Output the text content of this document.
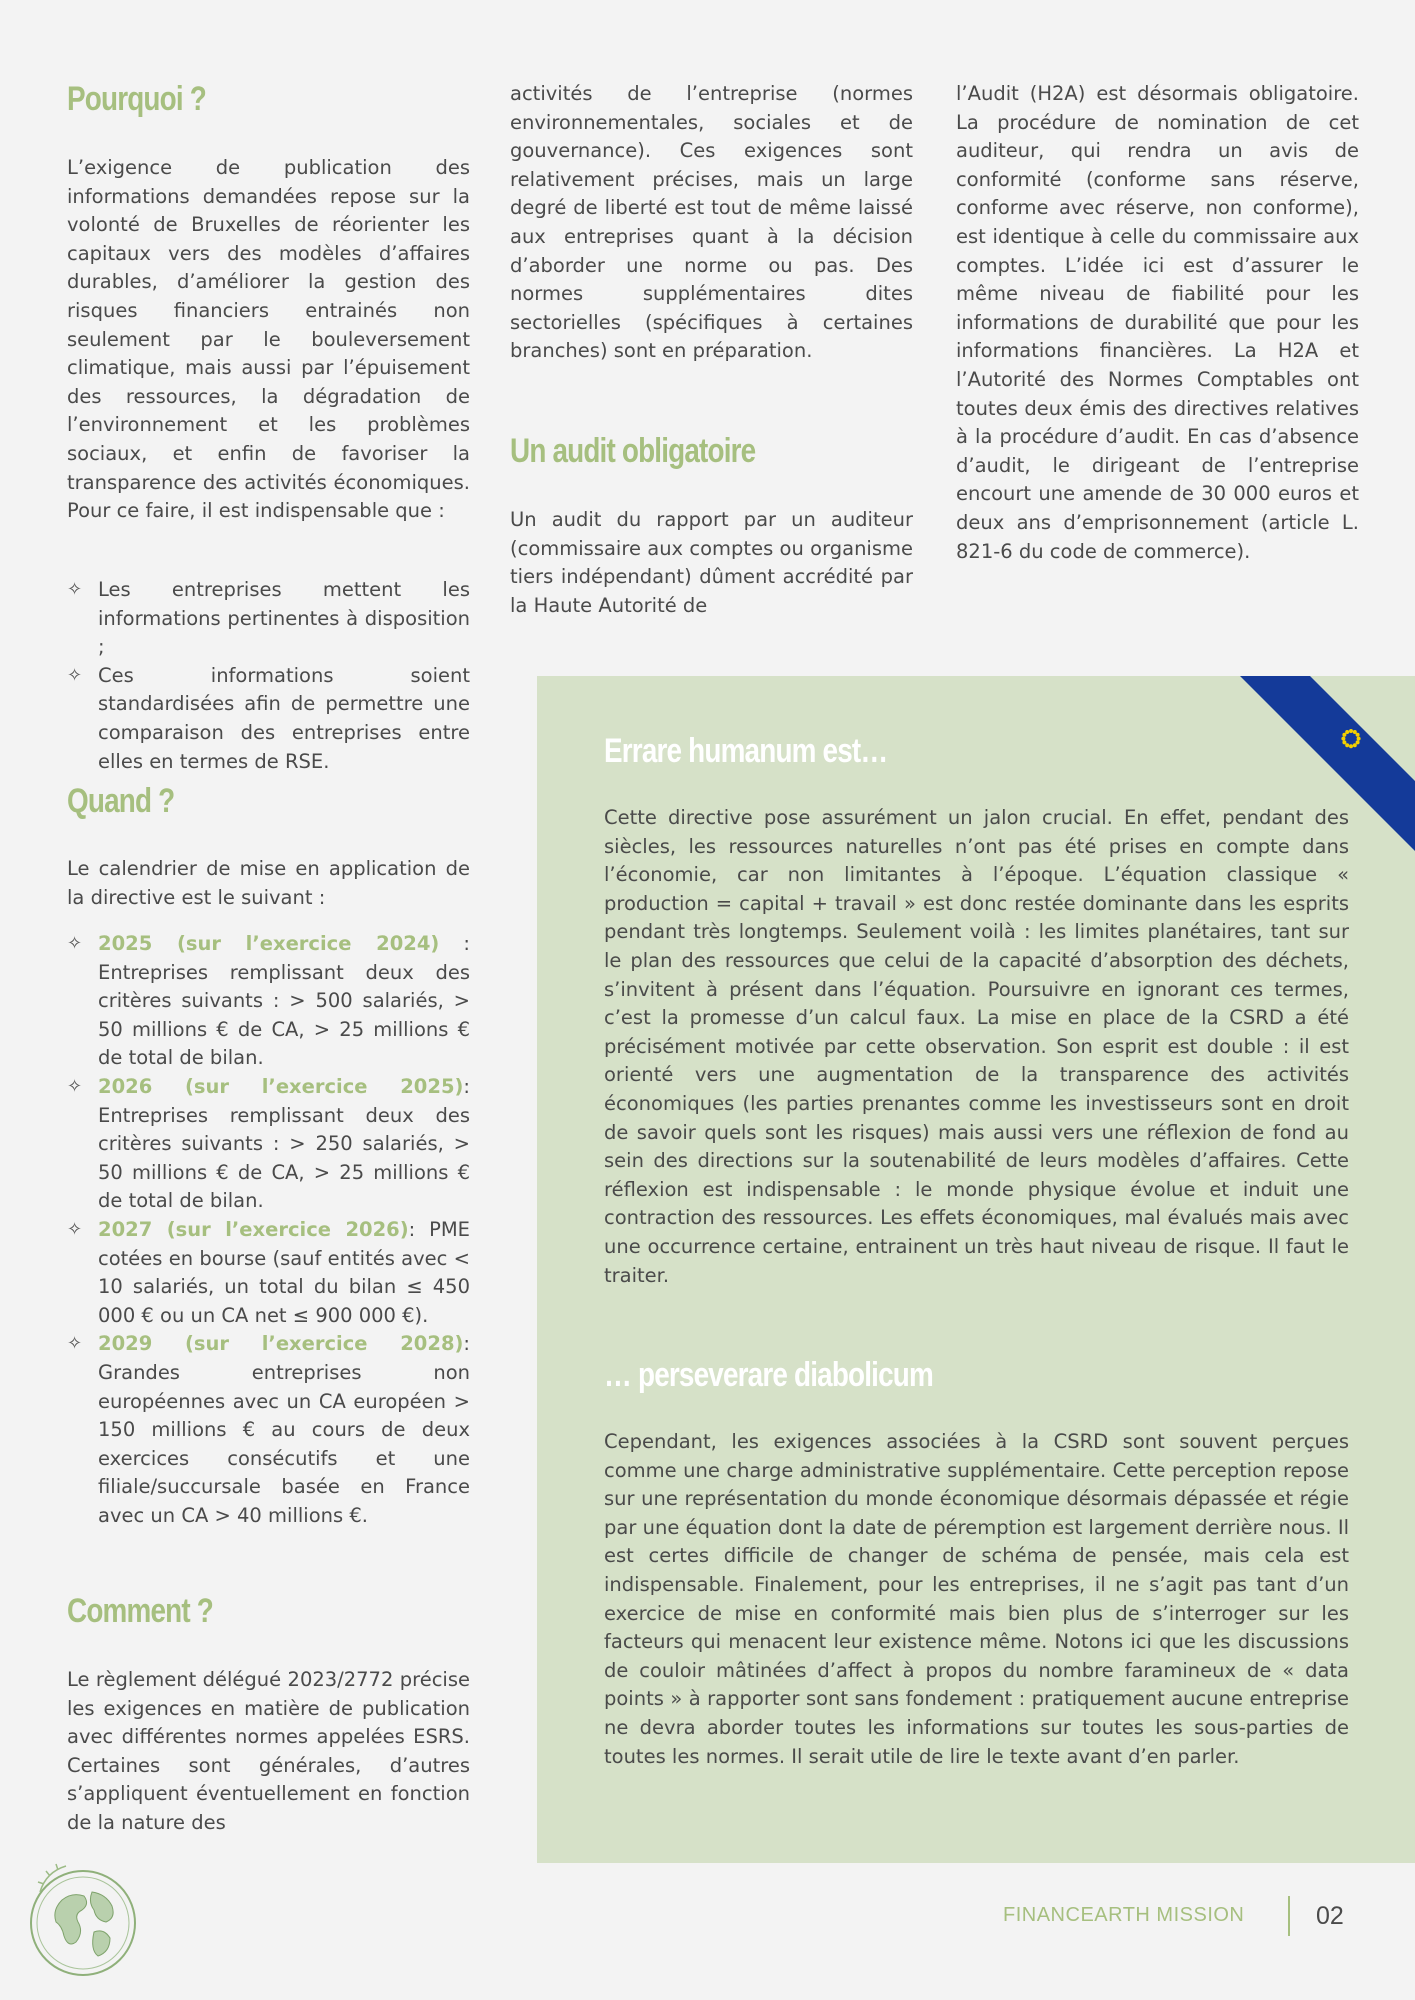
Pourquoi ?

L’exigence de publication des informations demandées repose sur la volonté de Bruxelles de réorienter les capitaux vers des modèles d’affaires durables, d’améliorer la gestion des risques financiers entrainés non seulement par le bouleversement climatique, mais aussi par l’épuisement des ressources, la dégradation de l’environnement et les problèmes sociaux, et enfin de favoriser la transparence des activités économiques. Pour ce faire, il est indispensable que :

✧ Les entreprises mettent les informations pertinentes à disposition ;
✧ Ces informations soient standardisées afin de permettre une comparaison des entreprises entre elles en termes de RSE.
Quand ?

Le calendrier de mise en application de la directive est le suivant :

✧ 2025 (sur l’exercice 2024) : Entreprises remplissant deux des critères suivants : > 500 salariés, > 50 millions € de CA, > 25 millions € de total de bilan.
✧ 2026 (sur l’exercice 2025): Entreprises remplissant deux des critères suivants : > 250 salariés, > 50 millions € de CA, > 25 millions € de total de bilan.
✧ 2027 (sur l’exercice 2026): PME cotées en bourse (sauf entités avec < 10 salariés, un total du bilan ≤ 450 000 € ou un CA net ≤ 900 000 €).
✧ 2029 (sur l’exercice 2028): Grandes entreprises non européennes avec un CA européen > 150 millions € au cours de deux exercices consécutifs et une filiale/succursale basée en France avec un CA > 40 millions €.
Comment ?

Le règlement délégué 2023/2772 précise les exigences en matière de publication avec différentes normes appelées ESRS. Certaines sont générales, d’autres s’appliquent éventuellement en fonction de la nature des

activités de l’entreprise (normes environnementales, sociales et de gouvernance). Ces exigences sont relativement précises, mais un large degré de liberté est tout de même laissé aux entreprises quant à la décision d’aborder une norme ou pas. Des normes supplémentaires dites sectorielles (spécifiques à certaines branches) sont en préparation.

Un audit obligatoire

Un audit du rapport par un auditeur (commissaire aux comptes ou organisme tiers indépendant) dûment accrédité par la Haute Autorité de

l’Audit (H2A) est désormais obligatoire. La procédure de nomination de cet auditeur, qui rendra un avis de conformité (conforme sans réserve, conforme avec réserve, non conforme), est identique à celle du commissaire aux comptes. L’idée ici est d’assurer le même niveau de fiabilité pour les informations de durabilité que pour les informations financières. La H2A et l’Autorité des Normes Comptables ont toutes deux émis des directives relatives à la procédure d’audit. En cas d’absence d’audit, le dirigeant de l’entreprise encourt une amende de 30 000 euros et deux ans d’emprisonnement (article L. 821-6 du code de commerce).

Errare humanum est…

Cette directive pose assurément un jalon crucial. En effet, pendant des siècles, les ressources naturelles n’ont pas été prises en compte dans l’économie, car non limitantes à l’époque. L’équation classique « production = capital + travail » est donc restée dominante dans les esprits pendant très longtemps. Seulement voilà : les limites planétaires, tant sur le plan des ressources que celui de la capacité d’absorption des déchets, s’invitent à présent dans l’équation. Poursuivre en ignorant ces termes, c’est la promesse d’un calcul faux. La mise en place de la CSRD a été précisément motivée par cette observation. Son esprit est double : il est orienté vers une augmentation de la transparence des activités économiques (les parties prenantes comme les investisseurs sont en droit de savoir quels sont les risques) mais aussi vers une réflexion de fond au sein des directions sur la soutenabilité de leurs modèles d’affaires. Cette réflexion est indispensable : le monde physique évolue et induit une contraction des ressources. Les effets économiques, mal évalués mais avec une occurrence certaine, entrainent un très haut niveau de risque. Il faut le traiter.

… perseverare diabolicum

Cependant, les exigences associées à la CSRD sont souvent perçues comme une charge administrative supplémentaire. Cette perception repose sur une représentation du monde économique désormais dépassée et régie par une équation dont la date de péremption est largement derrière nous. Il est certes difficile de changer de schéma de pensée, mais cela est indispensable. Finalement, pour les entreprises, il ne s’agit pas tant d’un exercice de mise en conformité mais bien plus de s’interroger sur les facteurs qui menacent leur existence même. Notons ici que les discussions de couloir mâtinées d’affect à propos du nombre faramineux de « data points » à rapporter sont sans fondement : pratiquement aucune entreprise ne devra aborder toutes les informations sur toutes les sous-parties de toutes les normes. Il serait utile de lire le texte avant d’en parler.

FINANCEARTH MISSION	02
